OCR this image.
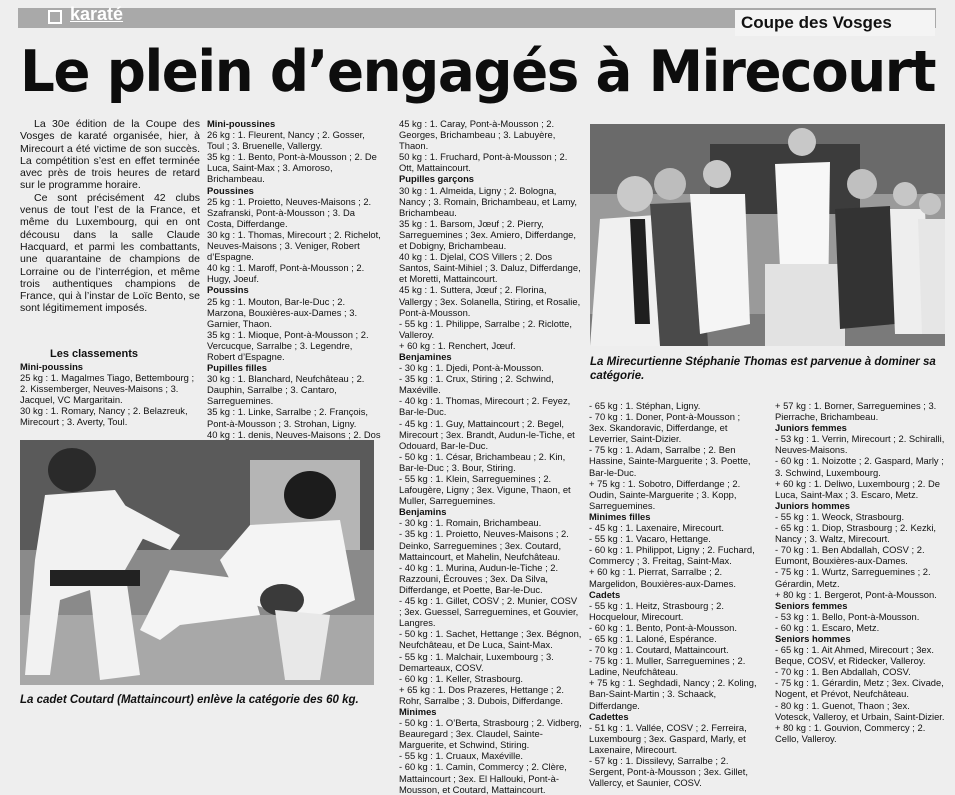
karaté	Coupe des Vosges
Le plein d’engagés à Mirecourt

La 30e édition de la Coupe des Vosges de karaté organisée, hier, à Mirecourt a été victime de son succès. La compétition s’est en effet terminée avec près de trois heures de retard sur le programme horaire.

Ce sont précisément 42 clubs venus de tout l’est de la France, et même du Luxembourg, qui en ont décousu dans la salle Claude Hacquard, et parmi les combattants, une quarantaine de champions de Lorraine ou de l’interrégion, et même trois authentiques champions de France, qui à l’instar de Loïc Bento, se sont légitimement imposés.

Les classements

Mini-poussins

25 kg : 1. Magalmes Tiago, Bettembourg ; 2. Kissemberger, Neuves-Maisons ; 3. Jacquel, VC Margaritain.

30 kg : 1. Romary, Nancy ; 2. Belazreuk, Mirecourt ; 3. Averty, Toul.

Mini-poussines

26 kg : 1. Fleurent, Nancy ; 2. Gosser, Toul ; 3. Bruenelle, Vallergy.

35 kg : 1. Bento, Pont-à-Mousson ; 2. De Luca, Saint-Max ; 3. Amoroso, Brichambeau.

Poussines

25 kg : 1. Proietto, Neuves-Maisons ; 2. Szafranski, Pont-à-Mousson ; 3. Da Costa, Differdange.

30 kg : 1. Thomas, Mirecourt ; 2. Richelot, Neuves-Maisons ; 3. Veniger, Robert d’Espagne.

40 kg : 1. Maroff, Pont-à-Mousson ; 2. Hugy, Joeuf.

Poussins

25 kg : 1. Mouton, Bar-le-Duc ; 2. Marzona, Bouxières-aux-Dames ; 3. Garnier, Thaon.

35 kg : 1. Mioque, Pont-à-Mousson ; 2. Vercucque, Sarralbe ; 3. Legendre, Robert d’Espagne.

Pupilles filles

30 kg : 1. Blanchard, Neufchâteau ; 2. Dauphin, Sarralbe ; 3. Cantaro, Sarreguemines.

35 kg : 1. Linke, Sarralbe ; 2. François, Pont-à-Mousson ; 3. Strohan, Ligny.

40 kg : 1. denis, Neuves-Maisons ; 2. Dos

45 kg : 1. Caray, Pont-à-Mousson ; 2. Georges, Brichambeau ; 3. Labuyère, Thaon.

50 kg : 1. Fruchard, Pont-à-Mousson ; 2. Ott, Mattaincourt.

Pupilles garçons

30 kg : 1. Almeida, Ligny ; 2. Bologna, Nancy ; 3. Romain, Brichambeau, et Lamy, Brichambeau.

35 kg : 1. Barsom, Jœuf ; 2. Pierry, Sarreguemines ; 3ex. Amiero, Differdange, et Dobigny, Brichambeau.

40 kg : 1. Djelal, COS Villers ; 2. Dos Santos, Saint-Mihiel ; 3. Daluz, Differdange, et Moretti, Mattaincourt.

45 kg : 1. Suttera, Jœuf ; 2. Florina, Vallergy ; 3ex. Solanella, Stiring, et Rosalie, Pont-à-Mousson.

- 55 kg : 1. Philippe, Sarralbe ; 2. Riclotte, Valleroy.

+ 60 kg : 1. Renchert, Jœuf.

Benjamines

- 30 kg : 1. Djedi, Pont-à-Mousson.

- 35 kg : 1. Crux, Stiring ; 2. Schwind, Maxéville.

- 40 kg : 1. Thomas, Mirecourt ; 2. Feyez, Bar-le-Duc.

- 45 kg : 1. Guy, Mattaincourt ; 2. Begel, Mirecourt ; 3ex. Brandt, Audun-le-Tiche, et Odouard, Bar-le-Duc.

- 50 kg : 1. César, Brichambeau ; 2. Kin, Bar-le-Duc ; 3. Bour, Stiring.

- 55 kg : 1. Klein, Sarreguemines ; 2. Lafougère, Ligny ; 3ex. Vigune, Thaon, et Muller, Sarreguemines.

Benjamins

- 30 kg : 1. Romain, Brichambeau.

- 35 kg : 1. Proietto, Neuves-Maisons ; 2. Deinko, Sarreguemines ; 3ex. Coutard, Mattaincourt, et Mahelin, Neufchâteau.

- 40 kg : 1. Murina, Audun-le-Tiche ; 2. Razzouni, Écrouves ; 3ex. Da Silva, Differdange, et Poette, Bar-le-Duc.

- 45 kg : 1. Gillet, COSV ; 2. Munier, COSV ; 3ex. Guessel, Sarreguemines, et Gouvier, Langres.

- 50 kg : 1. Sachet, Hettange ; 3ex. Bégnon, Neufchâteau, et De Luca, Saint-Max.

- 55 kg : 1. Malchair, Luxembourg ; 3. Demarteaux, COSV.

- 60 kg : 1. Keller, Strasbourg.

+ 65 kg : 1. Dos Prazeres, Hettange ; 2. Rohr, Sarralbe ; 3. Dubois, Differdange.

Minimes

- 50 kg : 1. O’Berta, Strasbourg ; 2. Vidberg, Beauregard ; 3ex. Claudel, Sainte-Marguerite, et Schwind, Stiring.

- 55 kg : 1. Cruaux, Maxéville.

- 60 kg : 1. Camin, Commercy ; 2. Clère, Mattaincourt ; 3ex. El Hallouki, Pont-à-Mousson, et Coutard, Mattaincourt.

- 65 kg : 1. Stéphan, Ligny.

- 70 kg : 1. Doner, Pont-à-Mousson ; 3ex. Skandoravic, Differdange, et Leverrier, Saint-Dizier.

- 75 kg : 1. Adam, Sarralbe ; 2. Ben Hassine, Sainte-Marguerite ; 3. Poette, Bar-le-Duc.

+ 75 kg : 1. Sobotro, Differdange ; 2. Oudin, Sainte-Marguerite ; 3. Kopp, Sarreguemines.

Minimes filles

- 45 kg : 1. Laxenaire, Mirecourt.

- 55 kg : 1. Vacaro, Hettange.

- 60 kg : 1. Philippot, Ligny ; 2. Fuchard, Commercy ; 3. Freitag, Saint-Max.

+ 60 kg : 1. Pierrat, Sarralbe ; 2. Margelidon, Bouxières-aux-Dames.

Cadets

- 55 kg : 1. Heitz, Strasbourg ; 2. Hocquelour, Mirecourt.

- 60 kg : 1. Bento, Pont-à-Mousson.

- 65 kg : 1. Laloné, Espérance.

- 70 kg : 1. Coutard, Mattaincourt.

- 75 kg : 1. Muller, Sarreguemines ; 2. Ladine, Neufchâteau.

+ 75 kg : 1. Seghdadi, Nancy ; 2. Koling, Ban-Saint-Martin ; 3. Schaack, Differdange.

Cadettes

- 51 kg : 1. Vallée, COSV ; 2. Ferreira, Luxembourg ; 3ex. Gaspard, Marly, et Laxenaire, Mirecourt.

- 57 kg : 1. Dissilevy, Sarralbe ; 2. Sergent, Pont-à-Mousson ; 3ex. Gillet, Vallercy, et Saunier, COSV.

+ 57 kg : 1. Borner, Sarreguemines ; 3. Pierrache, Brichambeau.

Juniors femmes

- 53 kg : 1. Verrin, Mirecourt ; 2. Schiralli, Neuves-Maisons.

- 60 kg : 1. Noizotte ; 2. Gaspard, Marly ; 3. Schwind, Luxembourg.

+ 60 kg : 1. Deliwo, Luxembourg ; 2. De Luca, Saint-Max ; 3. Escaro, Metz.

Juniors hommes

- 55 kg : 1. Weock, Strasbourg.

- 65 kg : 1. Diop, Strasbourg ; 2. Kezki, Nancy ; 3. Waltz, Mirecourt.

- 70 kg : 1. Ben Abdallah, COSV ; 2. Eumont, Bouxières-aux-Dames.

- 75 kg : 1. Wurtz, Sarreguemines ; 2. Gérardin, Metz.

+ 80 kg : 1. Bergerot, Pont-à-Mousson.

Seniors femmes

- 53 kg : 1. Bello, Pont-à-Mousson.

- 60 kg : 1. Escaro, Metz.

Seniors hommes

- 65 kg : 1. Ait Ahmed, Mirecourt ; 3ex. Beque, COSV, et Ridecker, Valleroy.

- 70 kg : 1. Ben Abdallah, COSV.

- 75 kg : 1. Gérardin, Metz ; 3ex. Civade, Nogent, et Prévot, Neufchâteau.

- 80 kg : 1. Guenot, Thaon ; 3ex. Votesck, Valleroy, et Urbain, Saint-Dizier.

+ 80 kg : 1. Gouvion, Commercy ; 2. Cello, Valleroy.

La cadet Coutard (Mattaincourt) enlève la catégorie des 60 kg.
La Mirecurtienne Stéphanie Thomas est parvenue à dominer sa catégorie.
